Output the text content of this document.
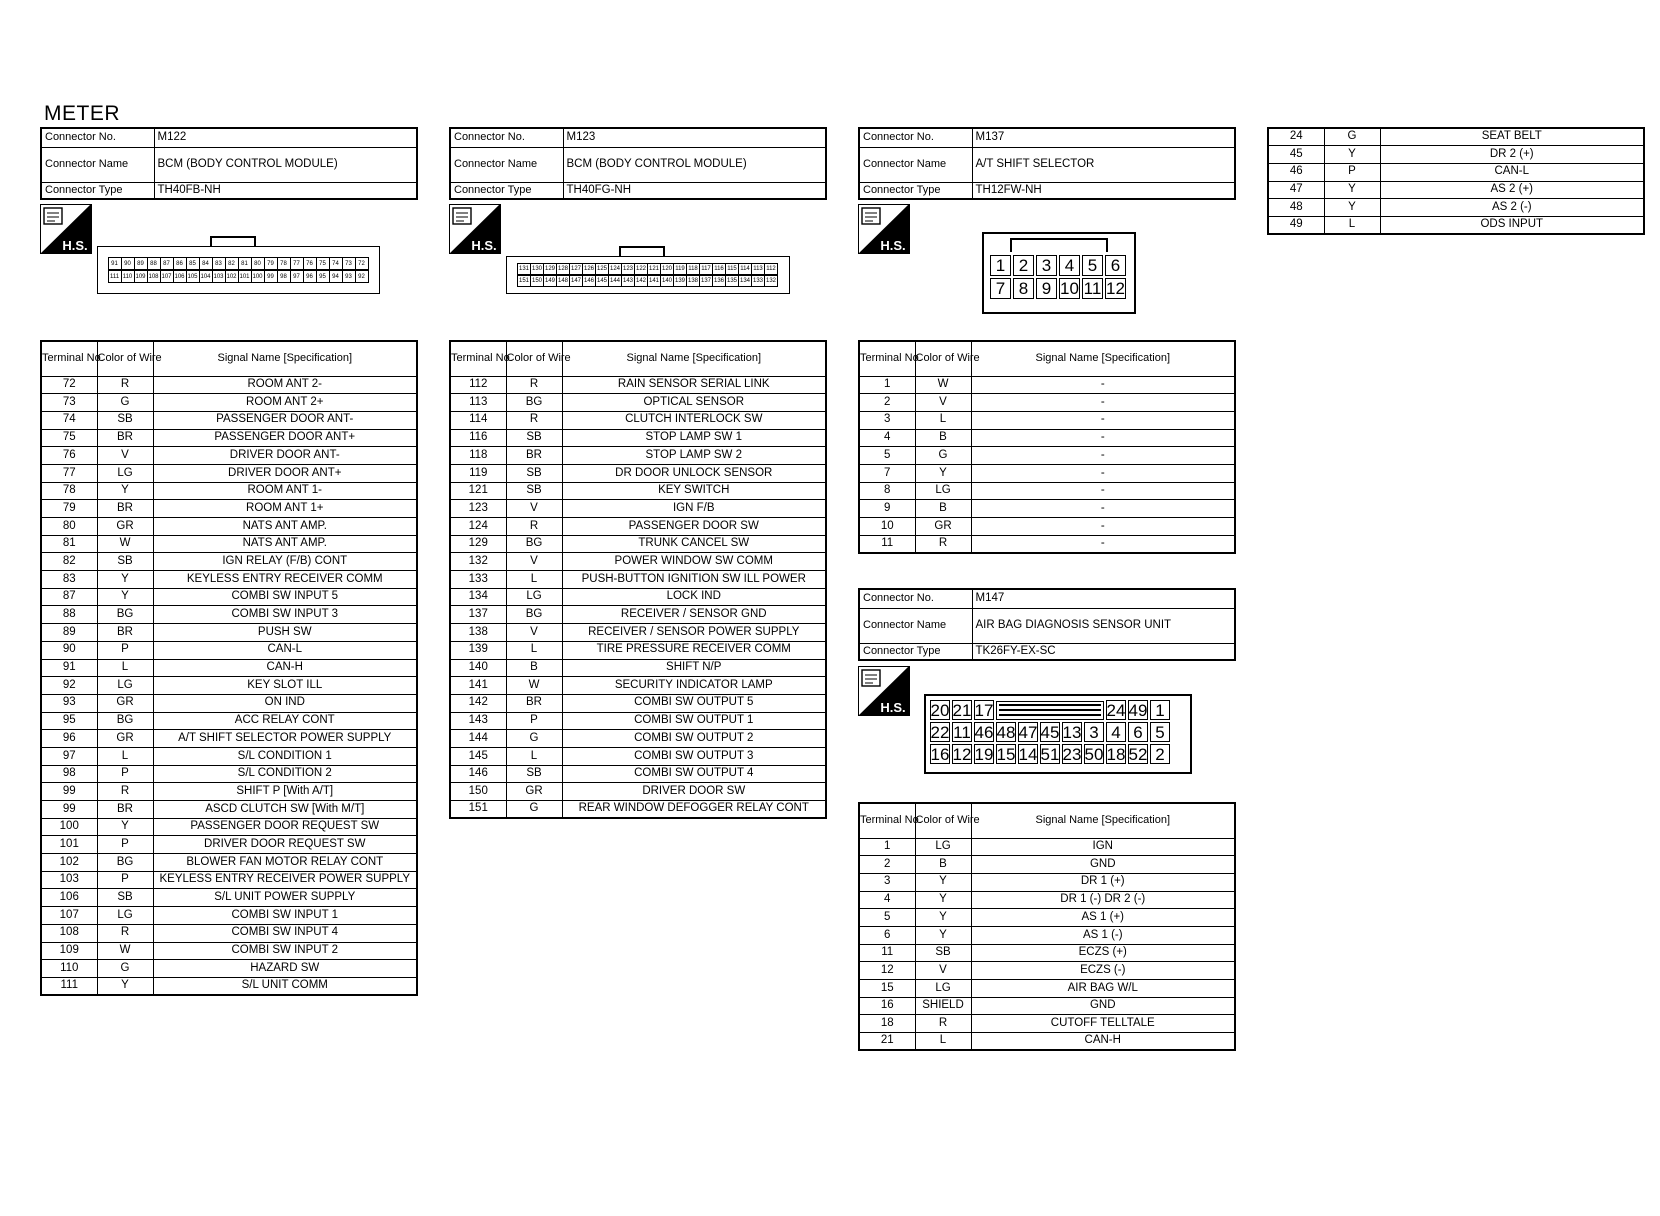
METER
Connector No.	M122
Connector Name	BCM (BODY CONTROL MODULE)
Connector Type	TH40FB-NH
H.S.
91	90	89	88	87	86	85	84	83	82	81	80	79	78	77	76	75	74	73	72
111 110 109 108 107 106 105 104 103 102 101 100 99	98	97	96	95	94	93	92
Terminal No.	Color of Wire	Signal Name [Specification]
72	R	ROOM ANT 2-
73	G	ROOM ANT 2+
74	SB	PASSENGER DOOR ANT-
75	BR	PASSENGER DOOR ANT+
76	V	DRIVER DOOR ANT-
77	LG	DRIVER DOOR ANT+
78	Y	ROOM ANT 1-
79	BR	ROOM ANT 1+
80	GR	NATS ANT AMP.
81	W	NATS ANT AMP.
82	SB	IGN RELAY (F/B) CONT
83	Y	KEYLESS ENTRY RECEIVER COMM
87	Y	COMBI SW INPUT 5
88	BG	COMBI SW INPUT 3
89	BR	PUSH SW
90	P	CAN-L
91	L	CAN-H
92	LG	KEY SLOT ILL
93	GR	ON IND
95	BG	ACC RELAY CONT
96	GR	A/T SHIFT SELECTOR POWER SUPPLY
97	L	S/L CONDITION 1
98	P	S/L CONDITION 2
99	R	SHIFT P [With A/T]
99	BR	ASCD CLUTCH SW [With M/T]
100	Y	PASSENGER DOOR REQUEST SW
101	P	DRIVER DOOR REQUEST SW
102	BG	BLOWER FAN MOTOR RELAY CONT
103	P	KEYLESS ENTRY RECEIVER POWER SUPPLY
106	SB	S/L UNIT POWER SUPPLY
107	LG	COMBI SW INPUT 1
108	R	COMBI SW INPUT 4
109	W	COMBI SW INPUT 2
110	G	HAZARD SW
111	Y	S/L UNIT COMM
Connector No.	M123
Connector Name	BCM (BODY CONTROL MODULE)
Connector Type	TH40FG-NH
H.S.
131 130 129 128 127 126 125 124 123 122 121 120 119 118 117 116 115 114 113 112
151 150 149 148 147 146 145 144 143 142 141 140 139 138 137 136 135 134 133 132
Terminal No.	Color of Wire	Signal Name [Specification]
112	R	RAIN SENSOR SERIAL LINK
113	BG	OPTICAL SENSOR
114	R	CLUTCH INTERLOCK SW
116	SB	STOP LAMP SW 1
118	BR	STOP LAMP SW 2
119	SB	DR DOOR UNLOCK SENSOR
121	SB	KEY SWITCH
123	V	IGN F/B
124	R	PASSENGER DOOR SW
129	BG	TRUNK CANCEL SW
132	V	POWER WINDOW SW COMM
133	L	PUSH-BUTTON IGNITION SW ILL POWER
134	LG	LOCK IND
137	BG	RECEIVER / SENSOR GND
138	V	RECEIVER / SENSOR POWER SUPPLY
139	L	TIRE PRESSURE RECEIVER COMM
140	B	SHIFT N/P
141	W	SECURITY INDICATOR LAMP
142	BR	COMBI SW OUTPUT 5
143	P	COMBI SW OUTPUT 1
144	G	COMBI SW OUTPUT 2
145	L	COMBI SW OUTPUT 3
146	SB	COMBI SW OUTPUT 4
150	GR	DRIVER DOOR SW
151	G	REAR WINDOW DEFOGGER RELAY CONT
Connector No.	M137
Connector Name	A/T SHIFT SELECTOR
Connector Type	TH12FW-NH
H.S.
1 2 3 4 5 6
7 8 9 10 11 12
Terminal No.	Color of Wire	Signal Name [Specification]
1	W	-
2	V	-
3	L	-
4	B	-
5	G	-
7	Y	-
8	LG	-
9	B	-
10	GR	-
11	R	-
Connector No.	M147
Connector Name	AIR BAG DIAGNOSIS SENSOR UNIT
Connector Type	TK26FY-EX-SC
H.S. 20 21 17	24 49 1
22 11 46 48 47 45 13 3 4 6 5
16 12 19 15 14 51 23 50 18 52 2
Terminal No.	Color of Wire	Signal Name [Specification]
1	LG	IGN
2	B	GND
3	Y	DR 1 (+)
4	Y	DR 1 (-) DR 2 (-)
5	Y	AS 1 (+)
6	Y	AS 1 (-)
11	SB	ECZS (+)
12	V	ECZS (-)
15	LG	AIR BAG W/L
16	SHIELD	GND
18	R	CUTOFF TELLTALE
21	L	CAN-H
24	G	SEAT BELT
45	Y	DR 2 (+)
46	P	CAN-L
47	Y	AS 2 (+)
48	Y	AS 2 (-)
49	L	ODS INPUT
